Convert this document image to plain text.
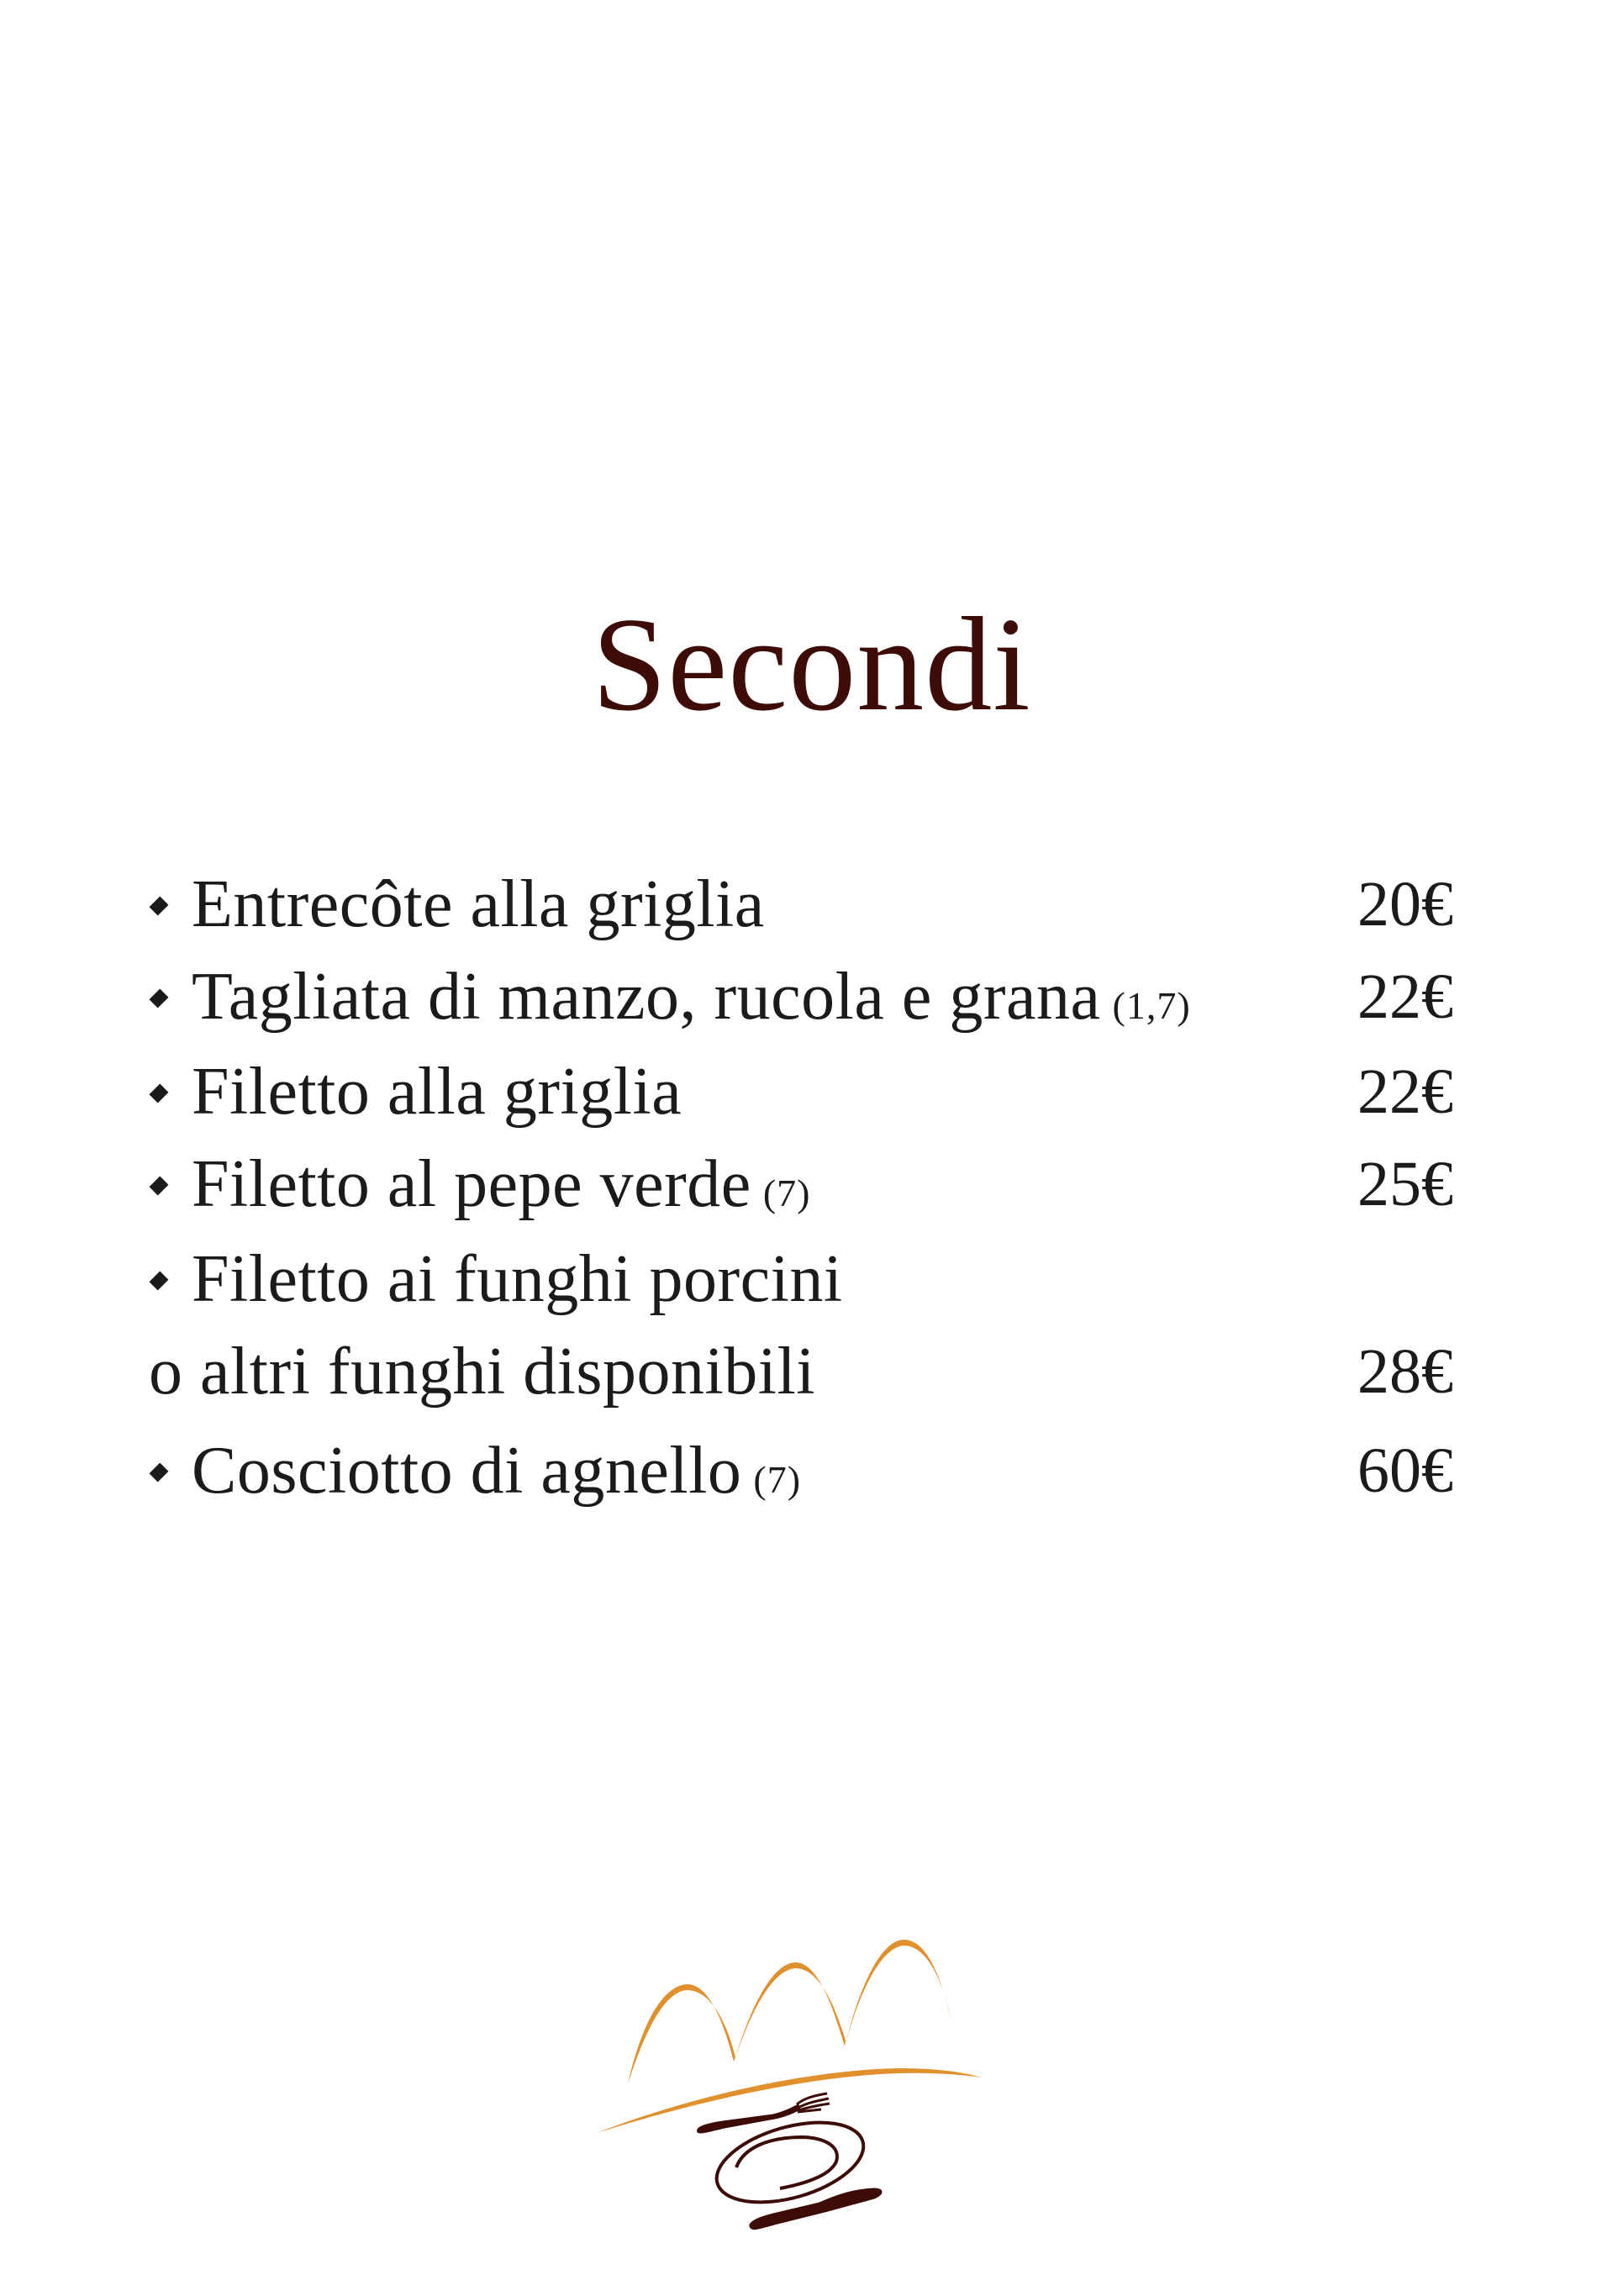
Secondi
Entrecôte alla griglia	20€
Tagliata di manzo, rucola e grana (1,7)	22€
Filetto alla griglia	22€
Filetto al pepe verde (7)	25€
Filetto ai funghi porcini
o altri funghi disponibili	28€
Cosciotto di agnello (7)	60€
